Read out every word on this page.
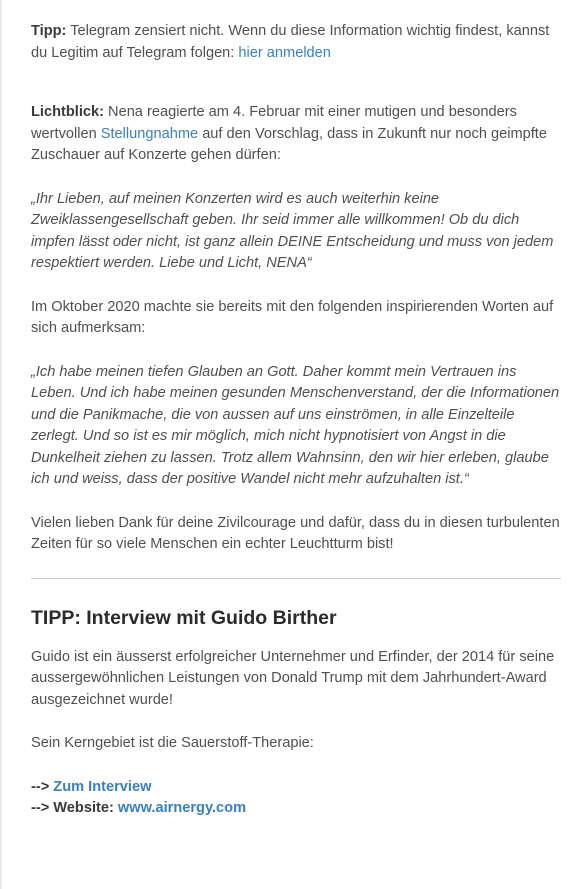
Tipp: Telegram zensiert nicht. Wenn du diese Information wichtig findest, kannst du Legitim auf Telegram folgen: hier anmelden

Lichtblick: Nena reagierte am 4. Februar mit einer mutigen und besonders wertvollen Stellungnahme auf den Vorschlag, dass in Zukunft nur noch geimpfte Zuschauer auf Konzerte gehen dürfen:

„Ihr Lieben, auf meinen Konzerten wird es auch weiterhin keine Zweiklassengesellschaft geben. Ihr seid immer alle willkommen! Ob du dich impfen lässt oder nicht, ist ganz allein DEINE Entscheidung und muss von jedem respektiert werden. Liebe und Licht, NENA“

Im Oktober 2020 machte sie bereits mit den folgenden inspirierenden Worten auf sich aufmerksam:

„Ich habe meinen tiefen Glauben an Gott. Daher kommt mein Vertrauen ins Leben. Und ich habe meinen gesunden Menschenverstand, der die Informationen und die Panikmache, die von aussen auf uns einströmen, in alle Einzelteile zerlegt. Und so ist es mir möglich, mich nicht hypnotisiert von Angst in die Dunkelheit ziehen zu lassen. Trotz allem Wahnsinn, den wir hier erleben, glaube ich und weiss, dass der positive Wandel nicht mehr aufzuhalten ist.“

Vielen lieben Dank für deine Zivilcourage und dafür, dass du in diesen turbulenten Zeiten für so viele Menschen ein echter Leuchtturm bist!

TIPP: Interview mit Guido Birther

Guido ist ein äusserst erfolgreicher Unternehmer und Erfinder, der 2014 für seine aussergewöhnlichen Leistungen von Donald Trump mit dem Jahrhundert-Award ausgezeichnet wurde!

Sein Kerngebiet ist die Sauerstoff-Therapie:

--> Zum Interview

--> Website: www.airnergy.com
